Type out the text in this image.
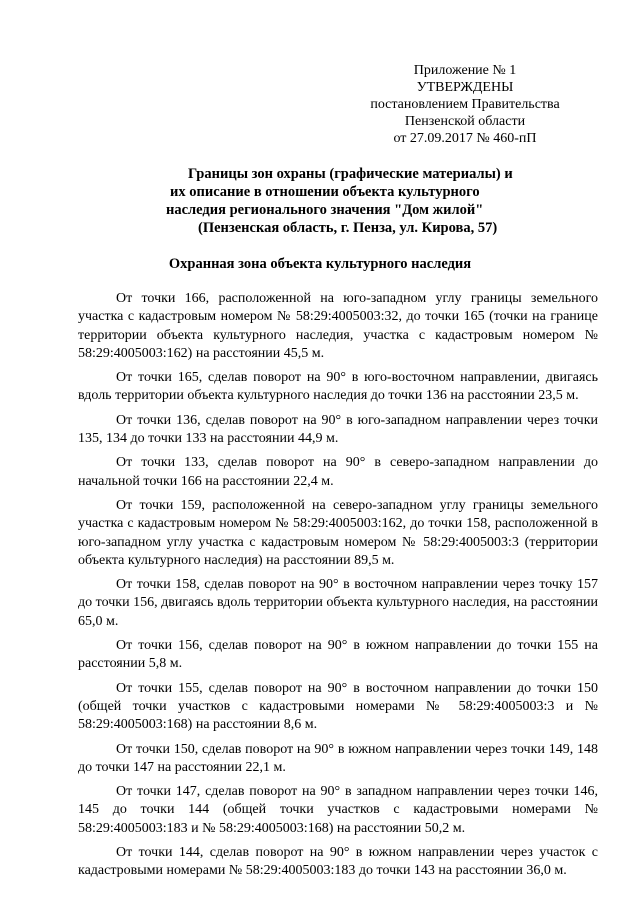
Приложение № 1
УТВЕРЖДЕНЫ
постановлением Правительства
Пензенской области
от 27.09.2017 № 460-пП
Границы зон охраны (графические материалы) и
их описание в отношении объекта культурного
наследия регионального значения "Дом жилой"
(Пензенская область, г. Пенза, ул. Кирова, 57)
Охранная зона объекта культурного наследия

От точки 166, расположенной на юго-западном углу границы земельного участка с кадастровым номером № 58:29:4005003:32, до точки 165 (точки на границе территории объекта культурного наследия, участка с кадастровым номером № 58:29:4005003:162) на расстоянии 45,5 м.

От точки 165, сделав поворот на 90° в юго-восточном направлении, двигаясь вдоль территории объекта культурного наследия до точки 136 на расстоянии 23,5 м.

От точки 136, сделав поворот на 90° в юго-западном направлении через точки 135, 134 до точки 133 на расстоянии 44,9 м.

От точки 133, сделав поворот на 90° в северо-западном направлении до начальной точки 166 на расстоянии 22,4 м.

От точки 159, расположенной на северо-западном углу границы земельного участка с кадастровым номером № 58:29:4005003:162, до точки 158, расположенной в юго-западном углу участка с кадастровым номером № 58:29:4005003:3 (территории объекта культурного наследия) на расстоянии 89,5 м.

От точки 158, сделав поворот на 90° в восточном направлении через точку 157 до точки 156, двигаясь вдоль территории объекта культурного наследия, на расстоянии 65,0 м.

От точки 156, сделав поворот на 90° в южном направлении до точки 155 на расстоянии 5,8 м.

От точки 155, сделав поворот на 90° в восточном направлении до точки 150 (общей точки участков с кадастровыми номерами № 58:29:4005003:3 и № 58:29:4005003:168) на расстоянии 8,6 м.

От точки 150, сделав поворот на 90° в южном направлении через точки 149, 148 до точки 147 на расстоянии 22,1 м.

От точки 147, сделав поворот на 90° в западном направлении через точки 146, 145 до точки 144 (общей точки участков с кадастровыми номерами № 58:29:4005003:183 и № 58:29:4005003:168) на расстоянии 50,2 м.

От точки 144, сделав поворот на 90° в южном направлении через участок с кадастровыми номерами № 58:29:4005003:183 до точки 143 на расстоянии 36,0 м.
